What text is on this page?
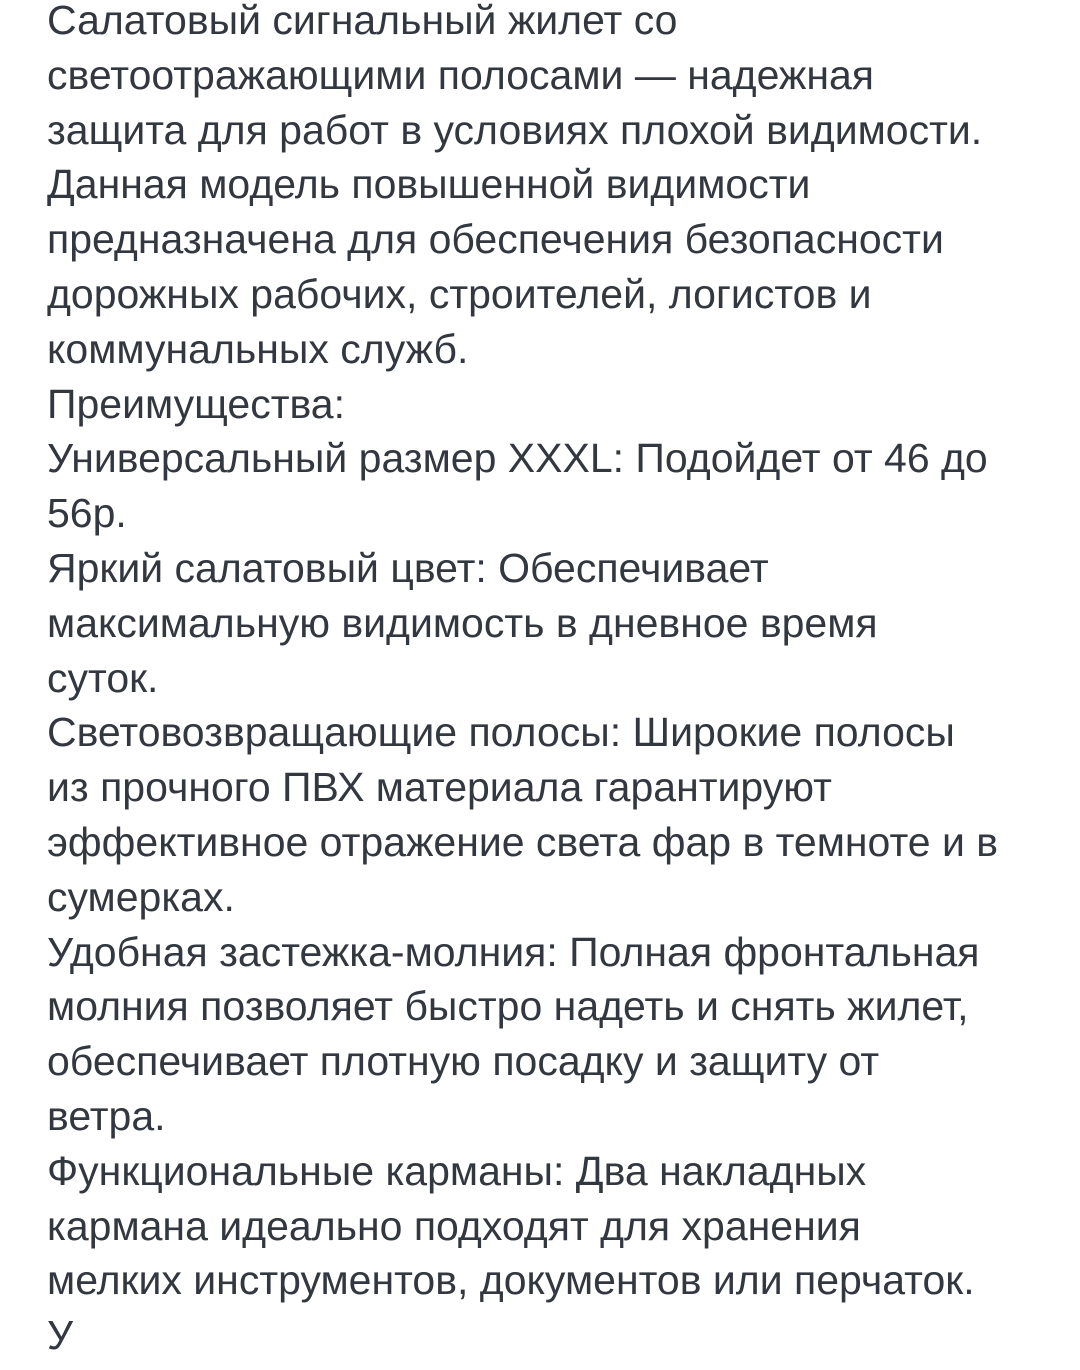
Салатовый сигнальный жилет со
светоотражающими полосами — надежная
защита для работ в условиях плохой видимости.
Данная модель повышенной видимости
предназначена для обеспечения безопасности
дорожных рабочих, строителей, логистов и
коммунальных служб.
Преимущества:
Универсальный размер XXXL: Подойдет от 46 до
56р.
Яркий салатовый цвет: Обеспечивает
максимальную видимость в дневное время
суток.
Световозвращающие полосы: Широкие полосы
из прочного ПВХ материала гарантируют
эффективное отражение света фар в темноте и в
сумерках.
Удобная застежка-молния: Полная фронтальная
молния позволяет быстро надеть и снять жилет,
обеспечивает плотную посадку и защиту от
ветра.
Функциональные карманы: Два накладных
кармана идеально подходят для хранения
мелких инструментов, документов или перчаток.
У
